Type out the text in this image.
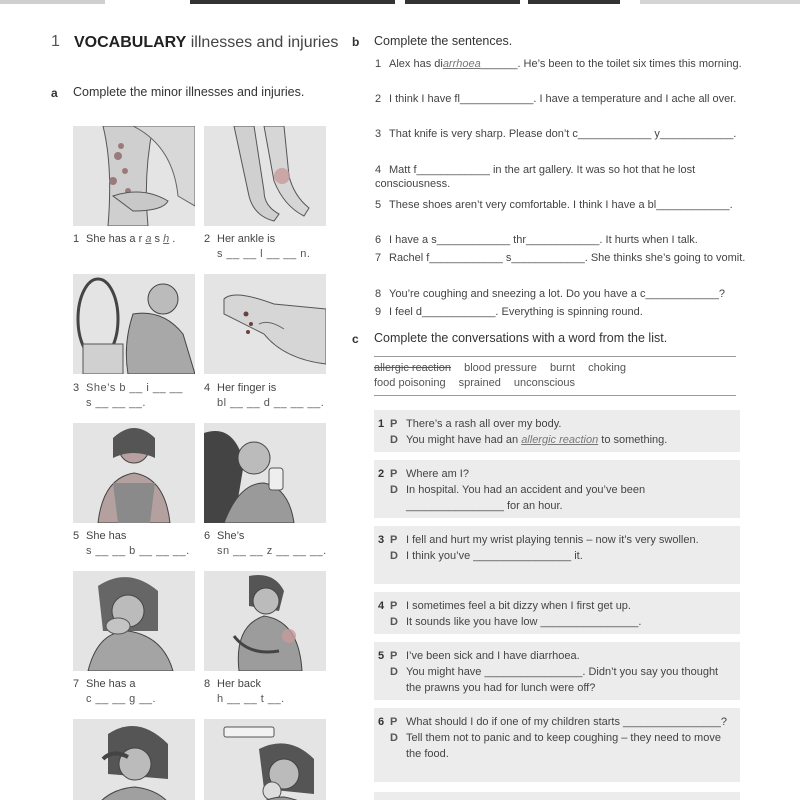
1 VOCABULARY illnesses and injuries
a Complete the minor illnesses and injuries.
1 She has a r a s h .	2 Her ankle is
s __ __ l __ __ n.
3 She’s b __ i __ __
s __ __ __.
4 Her finger is
bl __ __ d __ __ __.
5 She has
s __ __ b __ __ __.
6 She’s
sn __ __ z __ __ __.
7 She has a
c __ __ g __.
8 Her back
h __ __ t __.
b Complete the sentences.
1 Alex has diarrhoea______. He’s been to the toilet six times this morning.
2 I think I have fl____________. I have a temperature and I ache all over.
3 That knife is very sharp. Please don’t c____________ y____________.
4 Matt f____________ in the art gallery. It was so hot that he lost consciousness.
5 These shoes aren’t very comfortable. I think I have a bl____________.
6 I have a s____________ thr____________. It hurts when I talk.
7 Rachel f____________ s____________. She thinks she’s going to vomit.
8 You’re coughing and sneezing a lot. Do you have a c____________?
9 I feel d____________. Everything is spinning round.
c Complete the conversations with a word from the list.
allergic reaction blood pressure burnt choking
food poisoning sprained unconscious
1 P There’s a rash all over my body.
D You might have had an allergic reaction to something.
2 P Where am I?
D In hospital. You had an accident and you’ve been ________________ for an hour.
3 P I fell and hurt my wrist playing tennis – now it’s very swollen.
D I think you’ve ________________ it.
4 P I sometimes feel a bit dizzy when I first get up.
D It sounds like you have low ________________.
5 P I’ve been sick and I have diarrhoea.
D You might have ________________. Didn’t you say you thought the prawns you had for lunch were off?
6 P What should I do if one of my children starts ________________?
D Tell them not to panic and to keep coughing – they need to move the food.
